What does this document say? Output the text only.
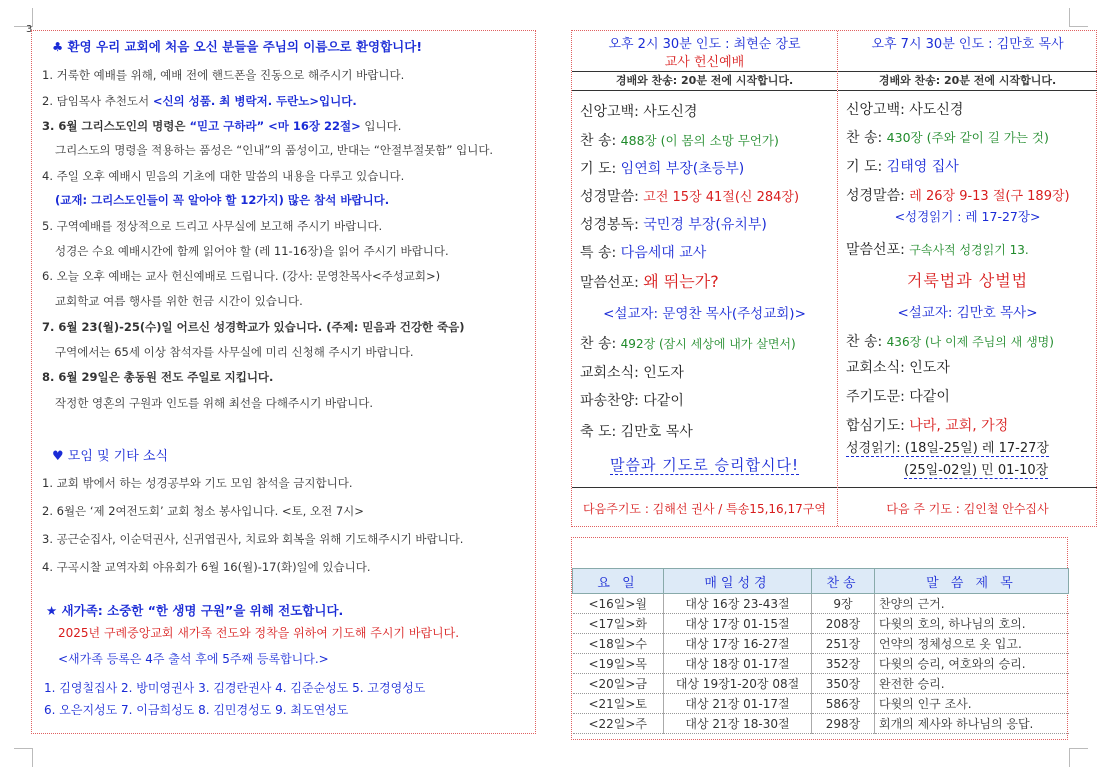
3
♣ 환영 우리 교회에 처음 오신 분들을 주님의 이름으로 환영합니다!
1. 거룩한 예배를 위해, 예배 전에 핸드폰을 진동으로 해주시기 바랍니다.
2. 담임목사 추천도서 <신의 성품. 최 병락저. 두란노>입니다.
3. 6월 그리스도인의 명령은 “믿고 구하라” <마 16장 22절> 입니다.
그리스도의 명령을 적용하는 품성은 “인내”의 품성이고, 반대는 “안절부절못함” 입니다.
4. 주일 오후 예배시 믿음의 기초에 대한 말씀의 내용을 다루고 있습니다.
(교재: 그리스도인들이 꼭 알아야 할 12가지) 많은 참석 바랍니다.
5. 구역예배를 정상적으로 드리고 사무실에 보고해 주시기 바랍니다.
성경은 수요 예배시간에 함께 읽어야 할 (레 11-16장)을 읽어 주시기 바랍니다.
6. 오늘 오후 예배는 교사 헌신예배로 드립니다. (강사: 문영찬목사<주성교회>)
교회학교 여름 행사를 위한 헌금 시간이 있습니다.
7. 6월 23(월)-25(수)일 어르신 성경학교가 있습니다. (주제: 믿음과 건강한 죽음)
구역에서는 65세 이상 참석자를 사무실에 미리 신청해 주시기 바랍니다.
8. 6월 29일은 총동원 전도 주일로 지킵니다.
작정한 영혼의 구원과 인도를 위해 최선을 다해주시기 바랍니다.
♥ 모임 및 기타 소식
1. 교회 밖에서 하는 성경공부와 기도 모임 참석을 금지합니다.
2. 6월은 ‘제 2여전도회’ 교회 청소 봉사입니다. <토, 오전 7시>
3. 공근순집사, 이순덕권사, 신귀엽권사, 치료와 회복을 위해 기도해주시기 바랍니다.
4. 구곡시찰 교역자회 야유회가 6월 16(월)-17(화)일에 있습니다.
★ 새가족: 소중한 “한 생명 구원”을 위해 전도합니다.
2025년 구례중앙교회 새가족 전도와 정착을 위하여 기도해 주시기 바랍니다.
<새가족 등록은 4주 출석 후에 5주째 등록합니다.>
1. 김영칠집사 2. 방미영권사 3. 김경란권사 4. 김준순성도 5. 고경영성도
6. 오은지성도 7. 이금희성도 8. 김민경성도 9. 최도연성도
오후 2시 30분 인도 : 최현순 장로
교사 헌신예배
경배와 찬송: 20분 전에 시작합니다.
신앙고백: 사도신경
찬 송: 488장 (이 몸의 소망 무언가)
기 도: 임연희 부장(초등부)
성경말씀: 고전 15장 41절(신 284장)
성경봉독: 국민경 부장(유치부)
특 송: 다음세대 교사
말씀선포: 왜 뛰는가?
<설교자: 문영찬 목사(주성교회)>
찬 송: 492장 (잠시 세상에 내가 살면서)
교회소식: 인도자
파송찬양: 다같이
축 도: 김만호 목사
말씀과 기도로 승리합시다!
다음주기도 : 김해선 권사 / 특송15,16,17구역
오후 7시 30분 인도 : 김만호 목사
경배와 찬송: 20분 전에 시작합니다.
신앙고백: 사도신경
찬 송: 430장 (주와 같이 길 가는 것)
기 도: 김태영 집사
성경말씀: 레 26장 9-13 절(구 189장)
<성경읽기 : 레 17-27장>
말씀선포: 구속사적 성경읽기 13.
거룩법과 상벌법
<설교자: 김만호 목사>
찬 송: 436장 (나 이제 주님의 새 생명)
교회소식: 인도자
주기도문: 다같이
합심기도: 나라, 교회, 가정
성경읽기: (18일-25일) 레 17-27장
(25일-02일) 민 01-10장
다음 주 기도 : 김인철 안수집사
요 일	매일성경	찬송	말 씀 제 목
<16일>월	대상 16장 23-43절	9장	찬양의 근거.
<17일>화	대상 17장 01-15절	208장	다윗의 호의, 하나님의 호의.
<18일>수	대상 17장 16-27절	251장	언약의 정체성으로 옷 입고.
<19일>목	대상 18장 01-17절	352장	다윗의 승리, 여호와의 승리.
<20일>금	대상 19장1-20장 08절	350장	완전한 승리.
<21일>토	대상 21장 01-17절	586장	다윗의 인구 조사.
<22일>주	대상 21장 18-30절	298장	회개의 제사와 하나님의 응답.
